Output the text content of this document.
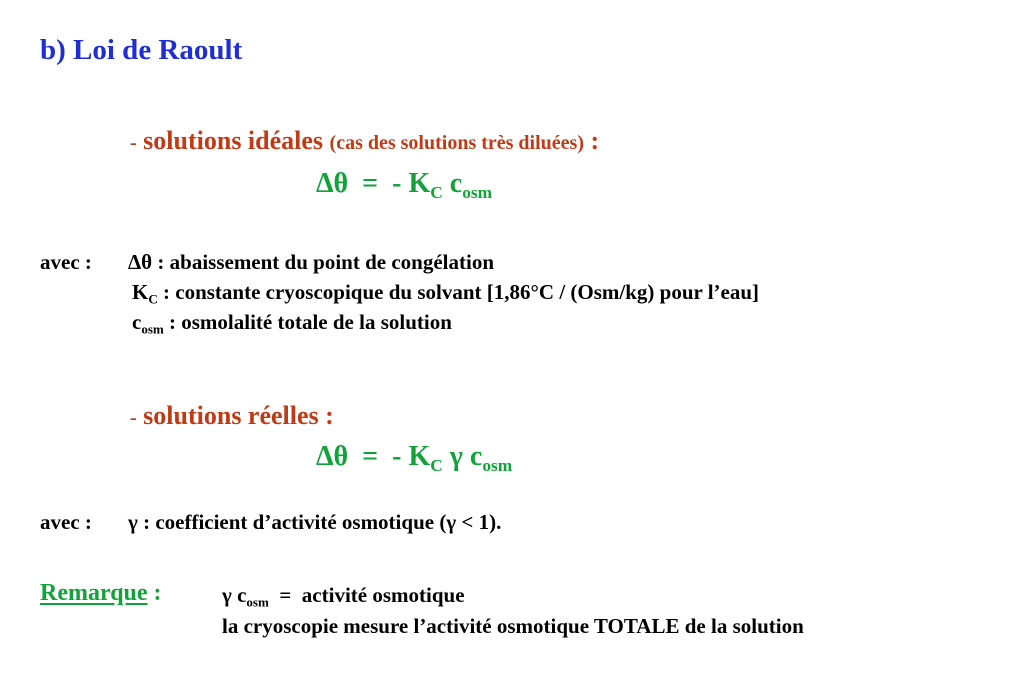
b) Loi de Raoult
- solutions idéales (cas des solutions très diluées) :
Δθ  =  - $K_C$ $c_{osm}$
avec : Δθ : abaissement du point de congélation
$K_C$ : constante cryoscopique du solvant [1,86°C / (Osm/kg) pour l’eau]
$c_{osm}$ : osmolalité totale de la solution
- solutions réelles :
Δθ  =  - $K_C$ γ $c_{osm}$
avec : γ : coefficient d’activité osmotique (γ < 1).
Remarque :	γ $c_{osm}$  =  activité osmotique
la cryoscopie mesure l’activité osmotique TOTALE de la solution
